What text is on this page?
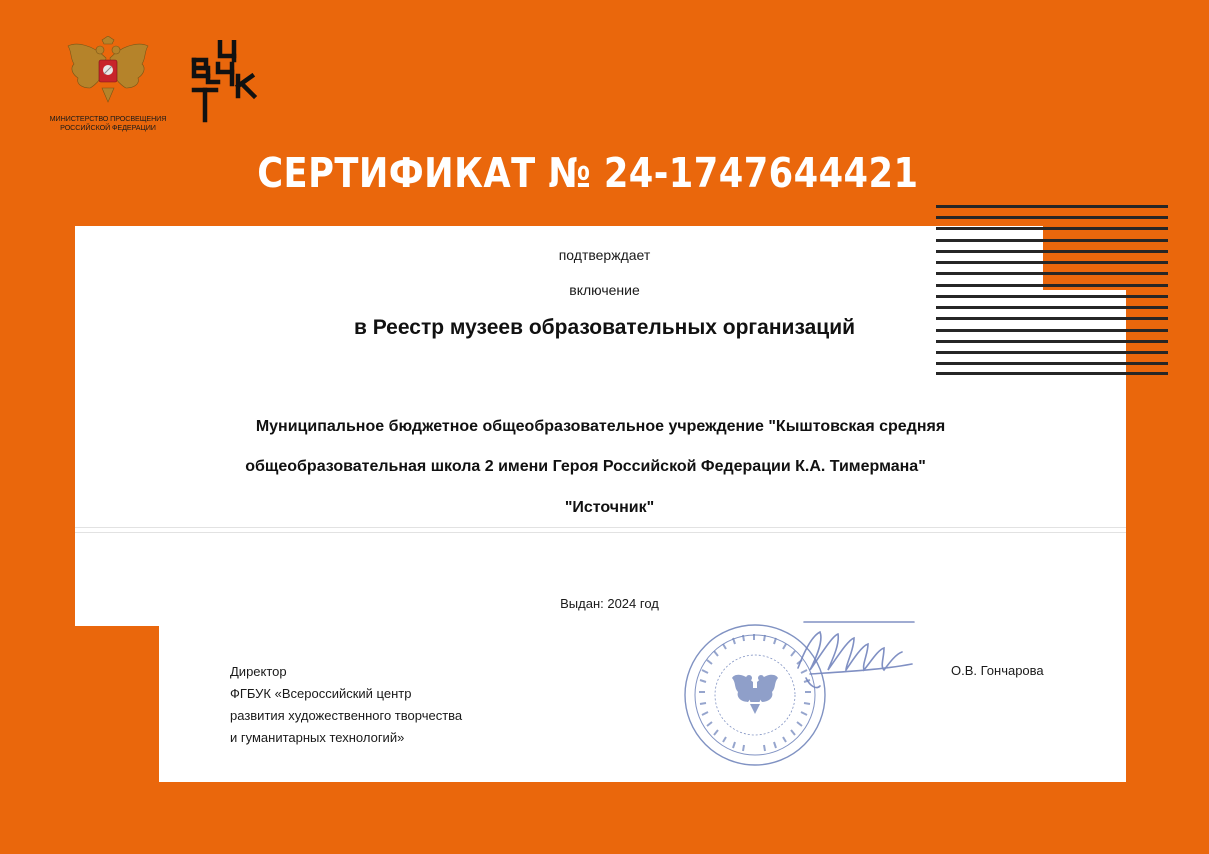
МИНИСТЕРСТВО ПРОСВЕЩЕНИЯ
РОССИЙСКОЙ ФЕДЕРАЦИИ
СЕРТИФИКАТ № 24-1747644421
подтверждает
включение
в Реестр музеев образовательных организаций
Муниципальное бюджетное общеобразовательное учреждение "Кыштовская средняя
общеобразовательная школа 2 имени Героя Российской Федерации К.А. Тимермана"
"Источник"
Выдан: 2024 год
Директор
ФГБУК «Всероссийский центр
развития художественного творчества
и гуманитарных технологий»
О.В. Гончарова
